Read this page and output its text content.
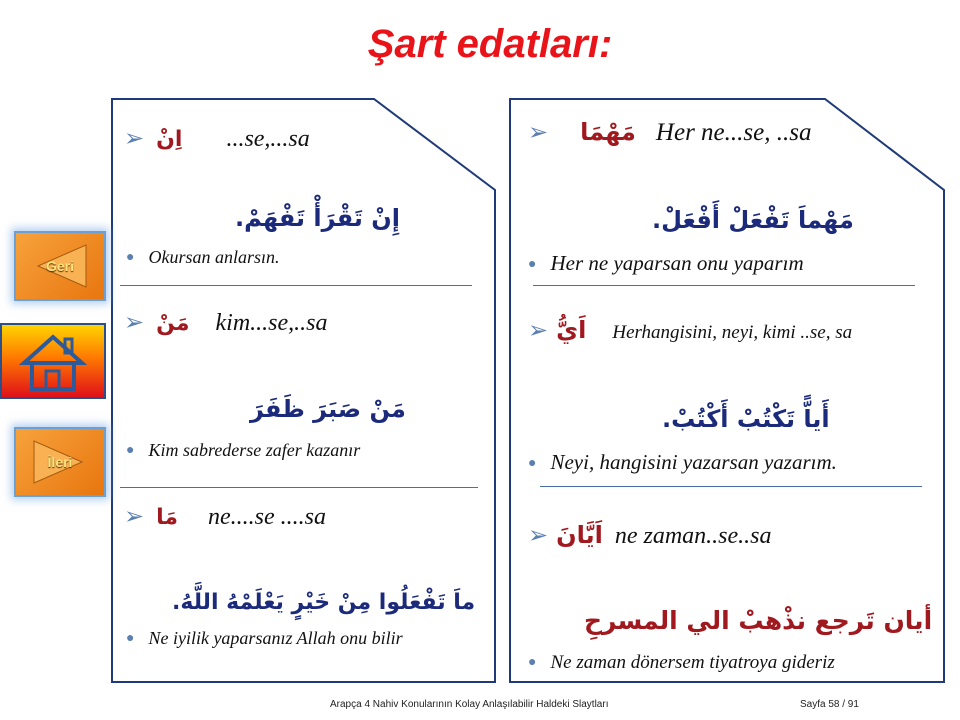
Şart edatları:
Geri
İleri
➢ اِنْ ...se,...sa
إِنْ تَقْرَأْ تَفْهَمْ.
● Okursan anlarsın.
➢ مَنْ kim...se,..sa
مَنْ صَبَرَ ظَفَرَ
● Kim sabrederse zafer kazanır
➢ مَا ne....se ....sa
ماَ تَفْعَلُوا مِنْ خَيْرٍ يَعْلَمْهُ اللَّهُ.
● Ne iyilik yaparsanız Allah onu bilir
➢ مَهْمَا Her ne...se, ..sa
مَهْماَ تَفْعَلْ أَفْعَلْ.
● Her ne yaparsan onu yaparım
➢ اَيُّ Herhangisini, neyi, kimi ..se, sa
أَياًّ تَكْتُبْ أَكْتُبْ.
● Neyi, hangisini yazarsan yazarım.
➢ اَيَّانَ ne zaman..se..sa
أيان تَرجع نذْهبْ الي المسرحِ
● Ne zaman dönersem tiyatroya gideriz
Arapça 4 Nahiv Konularının Kolay Anlaşılabilir Haldeki Slaytları	Sayfa 58 / 91
